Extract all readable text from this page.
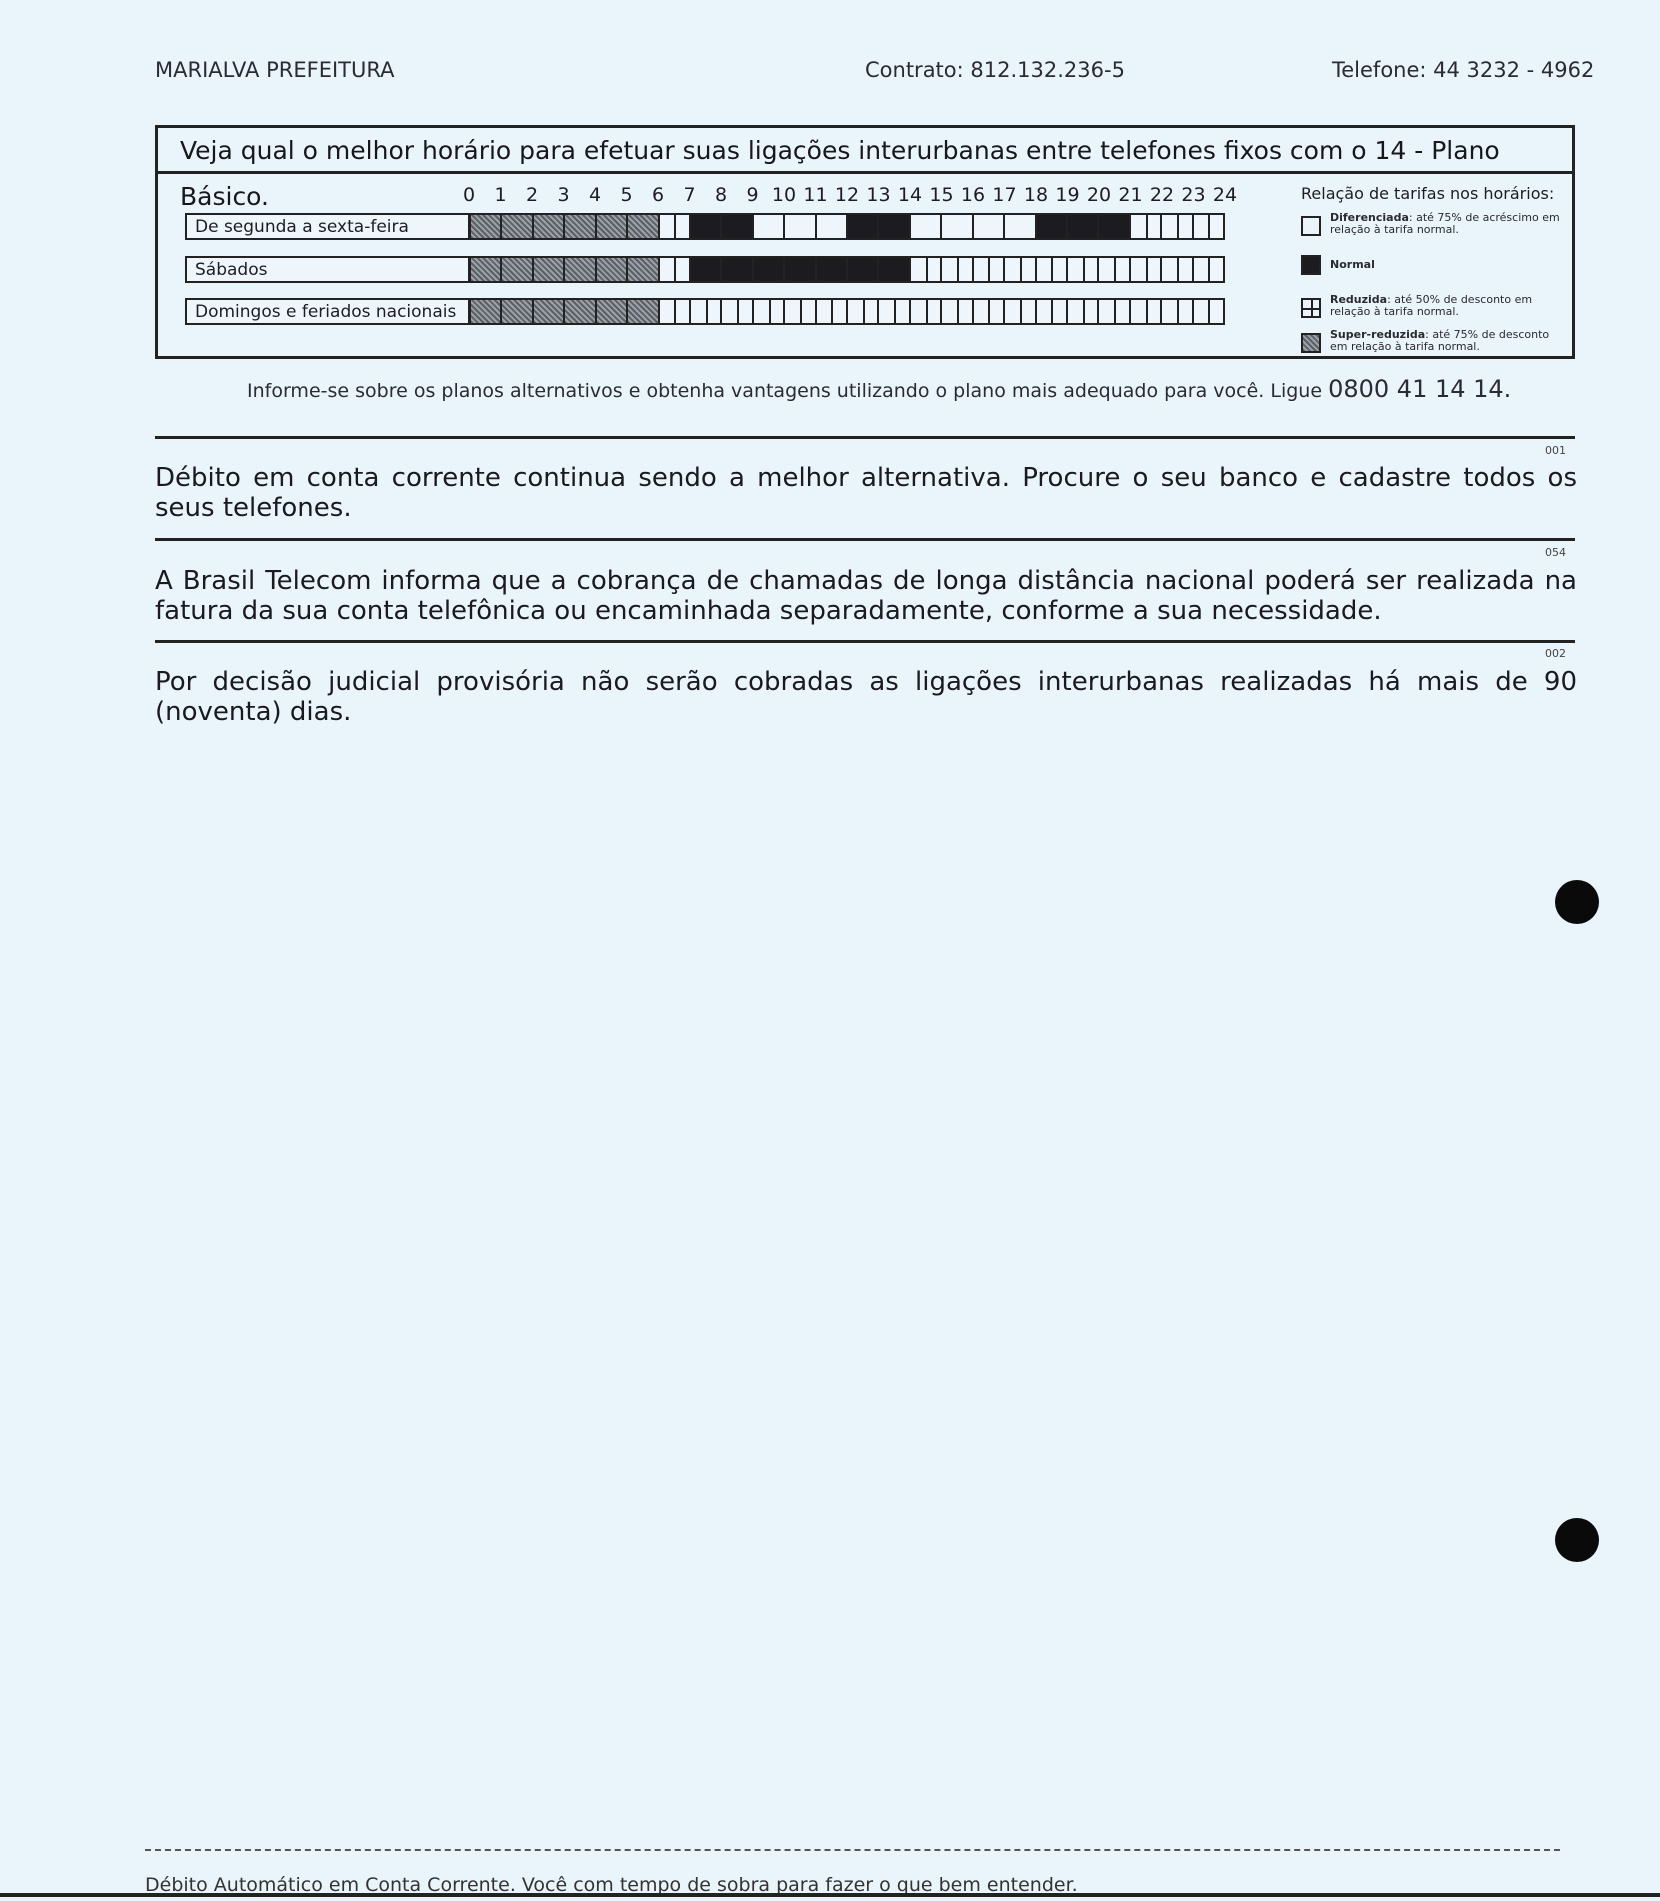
MARIALVA PREFEITURA	Contrato: 812.132.236-5	Telefone: 44 3232 - 4962
Veja qual o melhor horário para efetuar suas ligações interurbanas entre telefones fixos com o 14 - Plano Básico.	0 1 2 3 4 5 6 7 8 9 10 11 12 13 14 15 16 17 18 19 20 21 22 23 24
De segunda a sexta-feira
Sábados
Domingos e feriados nacionais
Relação de tarifas nos horários:
Diferenciada: até 75% de acréscimo em relação à tarifa normal.
Normal
Reduzida: até 50% de desconto em relação à tarifa normal.
Super-reduzida: até 75% de desconto em relação à tarifa normal.
Informe-se sobre os planos alternativos e obtenha vantagens utilizando o plano mais adequado para você. Ligue 0800 41 14 14.
001
Débito em conta corrente continua sendo a melhor alternativa. Procure o seu banco e cadastre todos os seus telefones.
054
A Brasil Telecom informa que a cobrança de chamadas de longa distância nacional poderá ser realizada na fatura da sua conta telefônica ou encaminhada separadamente, conforme a sua necessidade.
002
Por decisão judicial provisória não serão cobradas as ligações interurbanas realizadas há mais de 90 (noventa) dias.
Débito Automático em Conta Corrente. Você com tempo de sobra para fazer o que bem entender.
